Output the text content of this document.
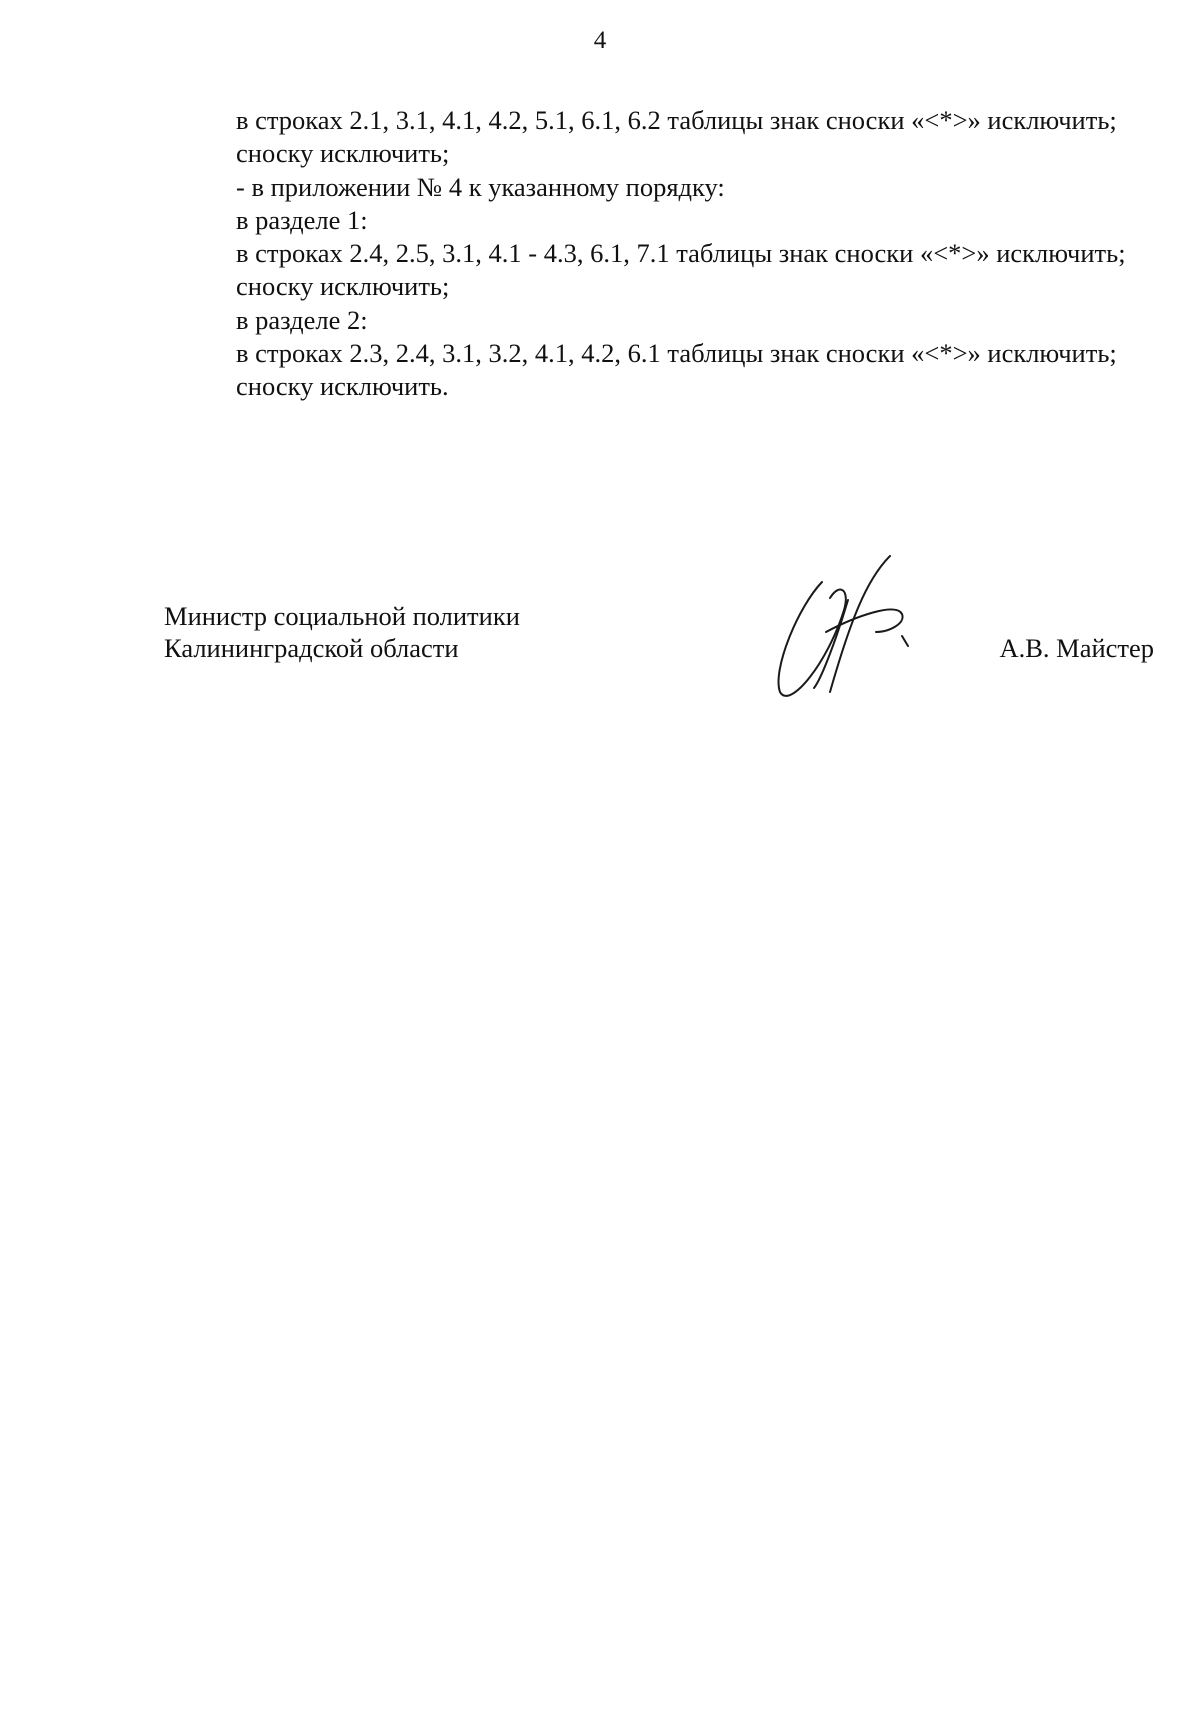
4

в строках 2.1, 3.1, 4.1, 4.2, 5.1, 6.1, 6.2 таблицы знак сноски «<*>» исключить;

сноску исключить;

- в приложении № 4 к указанному порядку:

в разделе 1:

в строках 2.4, 2.5, 3.1, 4.1 - 4.3, 6.1, 7.1 таблицы знак сноски «<*>» исключить;

сноску исключить;

в разделе 2:

в строках 2.3, 2.4, 3.1, 3.2, 4.1, 4.2, 6.1 таблицы знак сноски «<*>» исключить;

сноску исключить.

Министр социальной политики
Калининградской области	А.В. Майстер
